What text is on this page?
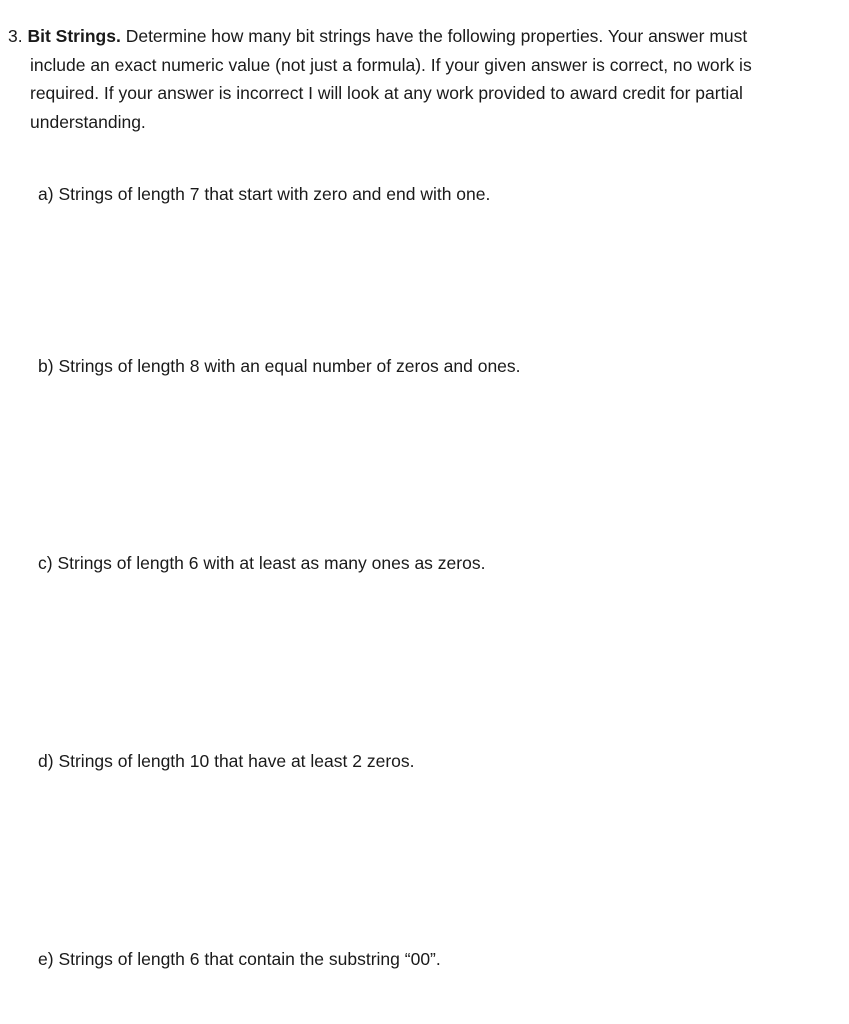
3. Bit Strings. Determine how many bit strings have the following properties. Your answer must
include an exact numeric value (not just a formula). If your given answer is correct, no work is
required. If your answer is incorrect I will look at any work provided to award credit for partial
understanding.
a) Strings of length 7 that start with zero and end with one.
b) Strings of length 8 with an equal number of zeros and ones.
c) Strings of length 6 with at least as many ones as zeros.
d) Strings of length 10 that have at least 2 zeros.
e) Strings of length 6 that contain the substring “00”.
